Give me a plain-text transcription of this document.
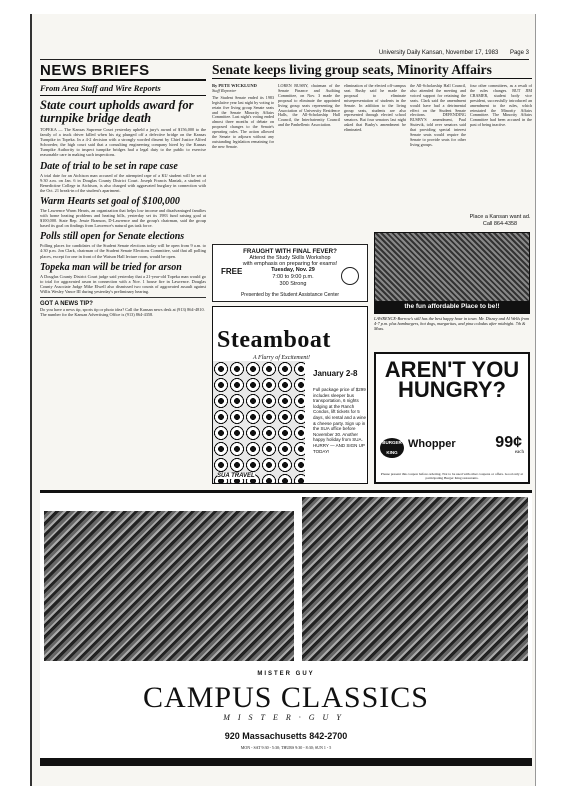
University Daily Kansan, November 17, 1983 Page 3
NEWS BRIEFS
From Area Staff and Wire Reports
State court upholds award for turnpike bridge death
TOPEKA — The Kansas Supreme Court yesterday upheld a jury's award of $156,000 to the family of a truck driver killed when his rig plunged off a defective bridge on the Kansas Turnpike in Topeka. In a 4-2 decision with a strongly worded dissent by Chief Justice Alfred Schroeder, the high court said that a consulting engineering company hired by the Kansas Turnpike Authority to inspect turnpike bridges had a legal duty to the public to exercise reasonable care in making such inspections.
Date of trial to be set in rape case
A trial date for an Atchison man accused of the attempted rape of a KU student will be set at 9:30 a.m. on Jan. 6 in Douglas County District Court. Joseph Francis Maniak, a student of Benedictine College in Atchison, is also charged with aggravated burglary in connection with the Oct. 21 break-in of the student's apartment.
Warm Hearts set goal of $100,000
The Lawrence Warm Hearts, an organization that helps low income and disadvantaged families with home heating problems and heating bills, yesterday set its 1983 fund raising goal at $100,000. State Rep. Jessie Branson, D-Lawrence and the group's chairman, said the group based its goal on findings from Lawrence's natural gas task force.
Polls still open for Senate elections
Polling places for candidates of the Student Senate elections today will be open from 9 a.m. to 4:30 p.m. Jon Clark, chairman of the Student Senate Elections Committee, said that all polling places, except for one in front of the Watson Hall lecture room, would be open.
Topeka man will be tried for arson
A Douglas County District Court judge said yesterday that a 21-year-old Topeka man would go to trial for aggravated arson in connection with a Nov. 1 house fire in Lawrence. Douglas County Associate Judge Mike Elwell also dismissed two counts of aggravated assault against Willis Wesley Vance III during yesterday's preliminary hearing.
GOT A NEWS TIP?
Do you have a news tip, sports tip or photo idea? Call the Kansan news desk at (913) 864-4810.
The number for the Kansan Advertising Office is (913) 864-4358.
Senate keeps living group seats, Minority Affairs
By PETE WICKLUND
Staff Reporter
The Student Senate ended its 1983 legislative year last night by voting to retain five living group Senate seats and the Senate Minority Affairs Committee. Last night's voting ended almost three months of debate on proposed changes to the Senate's operating rules. The action allowed the Senate to adjourn without any outstanding legislation remaining for the new Senate.
LOREN BUSBY, chairman of the Senate Finance and Auditing Committee, on Nov. 3 made the proposal to eliminate the appointed living group seats representing the Association of University Residence Halls, the All-Scholarship Hall Council, the Interfraternity Council and the Panhellenic Association.
elimination of the elected off-campus seat. Busby said he made the proposal to eliminate misrepresentation of students in the Senate. In addition to the living group seats, students are also represented through elected school senators. But four senators last night asked that Busby's amendment be eliminated.
the All-Scholarship Hall Council, also attended the meeting and voiced support for retaining the seats. Clark said the amendment would have had a detrimental effect on the Student Senate elections. DEFENDING BUSBY'S amendment, Paul Stutevik, told over senators said that providing special interest Senate seats would require the Senate to provide seats for other living groups.
four other committees, as a result of the rules changes. BUT JIM CRAMER, student body vice president, successfully introduced an amendment to the rules, which reinstated the Minority Affairs Committee. The Minority Affairs Committee had been accused in the past of being inactive.
Place a Kansan want ad.
Call 864-4358
FRAUGHT WITH FINAL FEVER?
Attend the Study Skills Workshop
with emphasis on preparing for exams!
FREE	Tuesday, Nov. 29
7:00 to 9:00 p.m.
300 Strong
Presented by the Student Assistance Center
the fun affordable Place to be!!
LAWRENCE-Borrow's still has the best happy hour in town. Mr. Disney and Al Wells from 4-7 p.m. plus hamburgers, hot dogs, margaritas, and pina coladas after midnight. 7th & Mass.
Steamboat
A Flurry of Excitement!
January 2-8
Full package price of $299 includes sleeper bus transportation, 6 nights lodging at the Ranch Condos, lift tickets for 5 days, ski rental and a wine & cheese party. Sign up in the SUA office before November 30. Another happy holiday from SUA. HURRY — AND SIGN UP TODAY!
SUA TRAVEL
AREN'T YOU HUNGRY?
BURGER KING
Whopper 99¢
each
Please present this coupon before ordering. Not to be used with other coupons or offers. Good only at participating Burger King restaurants.
MISTER GUY
CAMPUS CLASSICS
MISTER·GUY
920 Massachusetts 842-2700
MON - SAT 9:30 - 5:30; THURS 9:30 - 8:30; SUN 1 - 5
